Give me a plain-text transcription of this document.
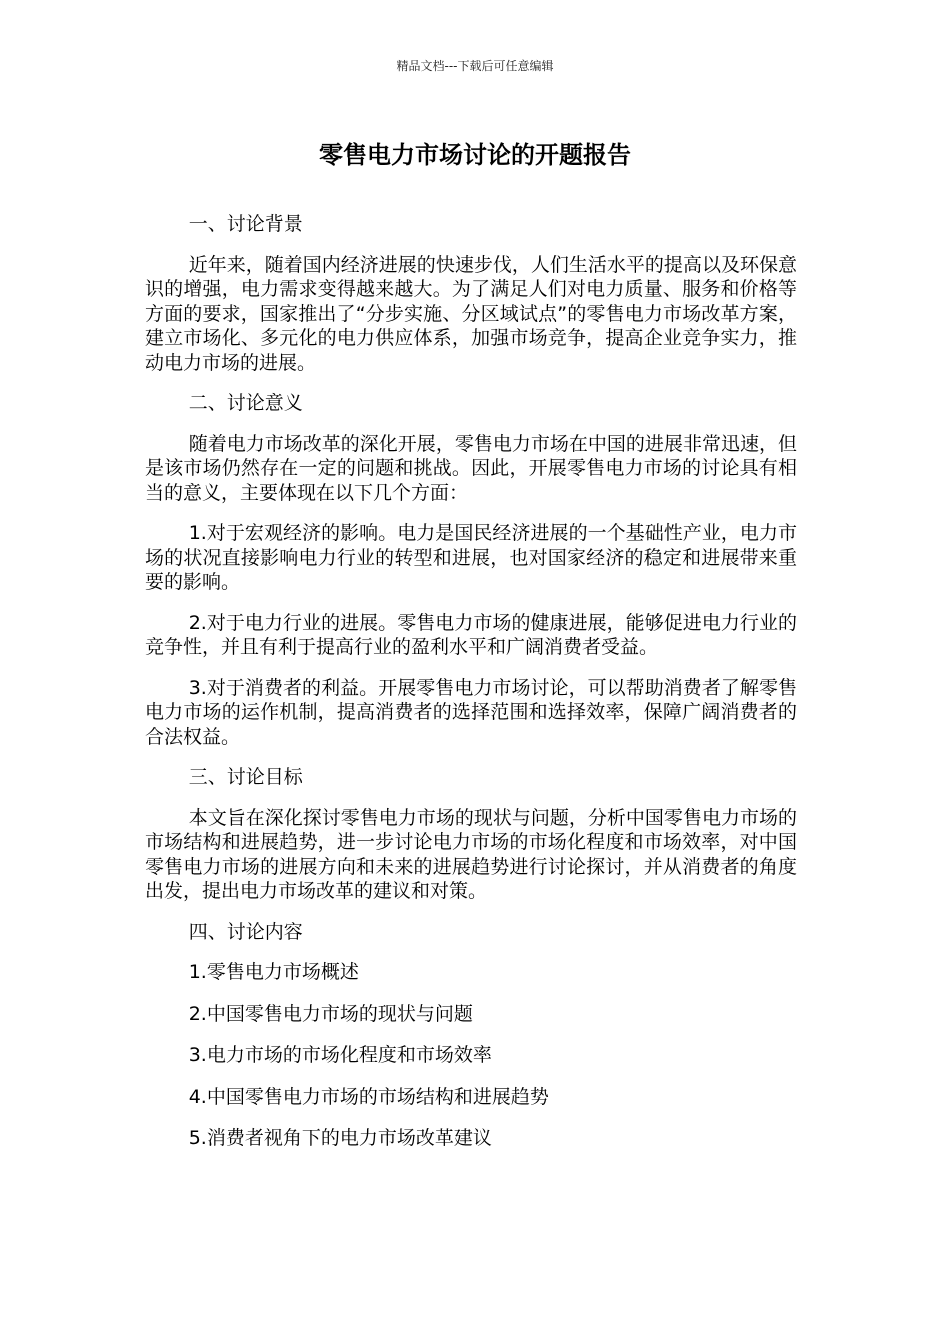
精品文档---下载后可任意编辑
零售电力市场讨论的开题报告

一、讨论背景

近年来，随着国内经济进展的快速步伐，人们生活水平的提高以及环保意识的增强，电力需求变得越来越大。为了满足人们对电力质量、服务和价格等方面的要求，国家推出了“分步实施、分区域试点”的零售电力市场改革方案，建立市场化、多元化的电力供应体系，加强市场竞争，提高企业竞争实力，推动电力市场的进展。

二、讨论意义

随着电力市场改革的深化开展，零售电力市场在中国的进展非常迅速，但是该市场仍然存在一定的问题和挑战。因此，开展零售电力市场的讨论具有相当的意义，主要体现在以下几个方面：

1.对于宏观经济的影响。电力是国民经济进展的一个基础性产业，电力市场的状况直接影响电力行业的转型和进展，也对国家经济的稳定和进展带来重要的影响。

2.对于电力行业的进展。零售电力市场的健康进展，能够促进电力行业的竞争性，并且有利于提高行业的盈利水平和广阔消费者受益。

3.对于消费者的利益。开展零售电力市场讨论，可以帮助消费者了解零售电力市场的运作机制，提高消费者的选择范围和选择效率，保障广阔消费者的合法权益。

三、讨论目标

本文旨在深化探讨零售电力市场的现状与问题，分析中国零售电力市场的市场结构和进展趋势，进一步讨论电力市场的市场化程度和市场效率，对中国零售电力市场的进展方向和未来的进展趋势进行讨论探讨，并从消费者的角度出发，提出电力市场改革的建议和对策。

四、讨论内容

1.零售电力市场概述

2.中国零售电力市场的现状与问题

3.电力市场的市场化程度和市场效率

4.中国零售电力市场的市场结构和进展趋势

5.消费者视角下的电力市场改革建议
